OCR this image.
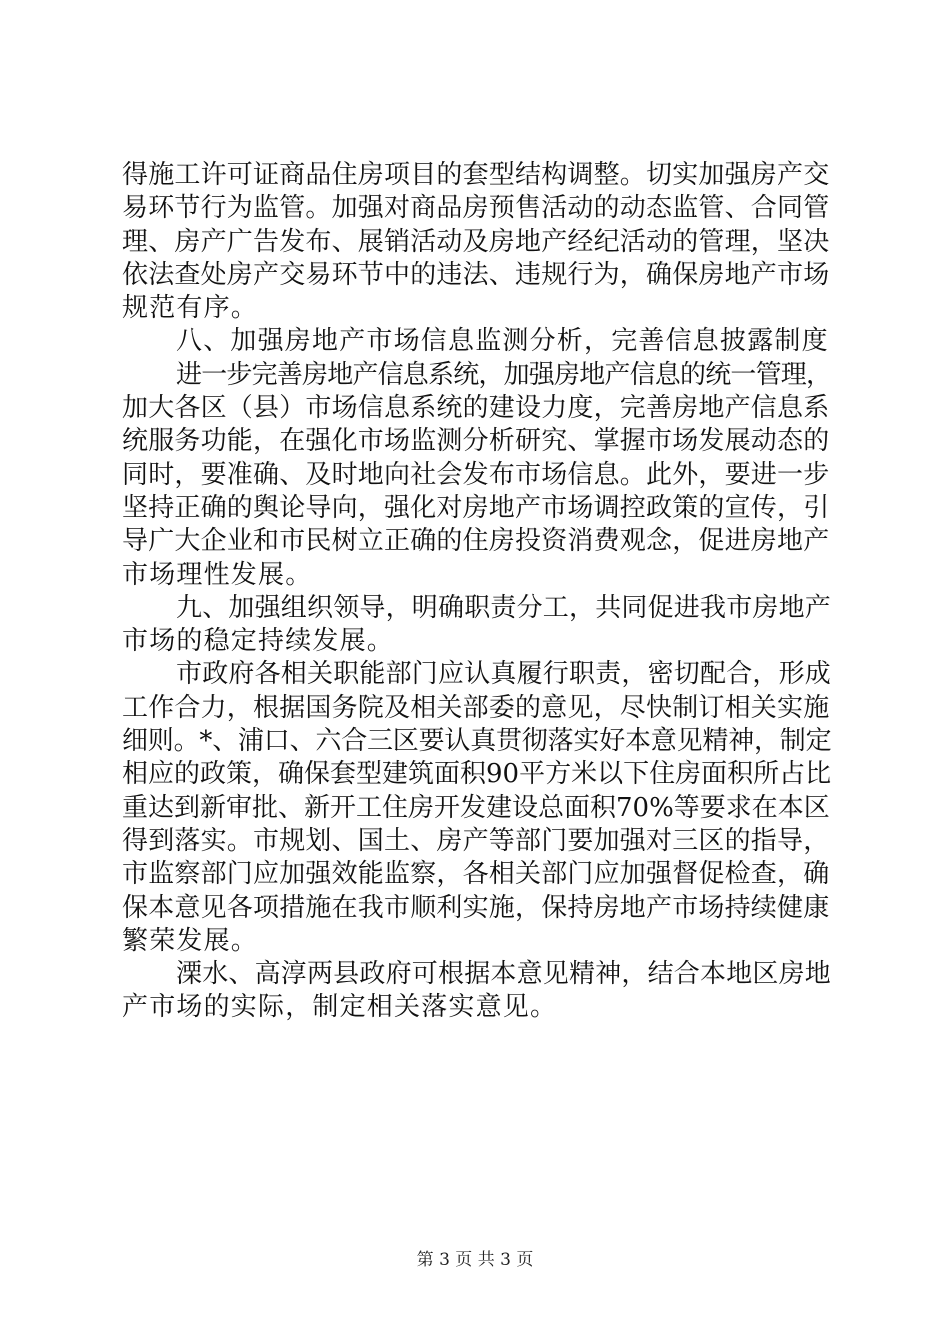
得施工许可证商品住房项目的套型结构调整。切实加强房产交
易环节行为监管。加强对商品房预售活动的动态监管、合同管
理、房产广告发布、展销活动及房地产经纪活动的管理，坚决
依法查处房产交易环节中的违法、违规行为，确保房地产市场
规范有序。
八、加强房地产市场信息监测分析，完善信息披露制度
进一步完善房地产信息系统，加强房地产信息的统一管理，
加大各区（县）市场信息系统的建设力度，完善房地产信息系
统服务功能，在强化市场监测分析研究、掌握市场发展动态的
同时，要准确、及时地向社会发布市场信息。此外，要进一步
坚持正确的舆论导向，强化对房地产市场调控政策的宣传，引
导广大企业和市民树立正确的住房投资消费观念，促进房地产
市场理性发展。
九、加强组织领导，明确职责分工，共同促进我市房地产
市场的稳定持续发展。
市政府各相关职能部门应认真履行职责，密切配合，形成
工作合力，根据国务院及相关部委的意见，尽快制订相关实施
细则。*、浦口、六合三区要认真贯彻落实好本意见精神，制定
相应的政策，确保套型建筑面积90平方米以下住房面积所占比
重达到新审批、新开工住房开发建设总面积70%等要求在本区
得到落实。市规划、国土、房产等部门要加强对三区的指导，
市监察部门应加强效能监察，各相关部门应加强督促检查，确
保本意见各项措施在我市顺利实施，保持房地产市场持续健康
繁荣发展。
溧水、高淳两县政府可根据本意见精神，结合本地区房地
产市场的实际，制定相关落实意见。
第 3 页 共 3 页
